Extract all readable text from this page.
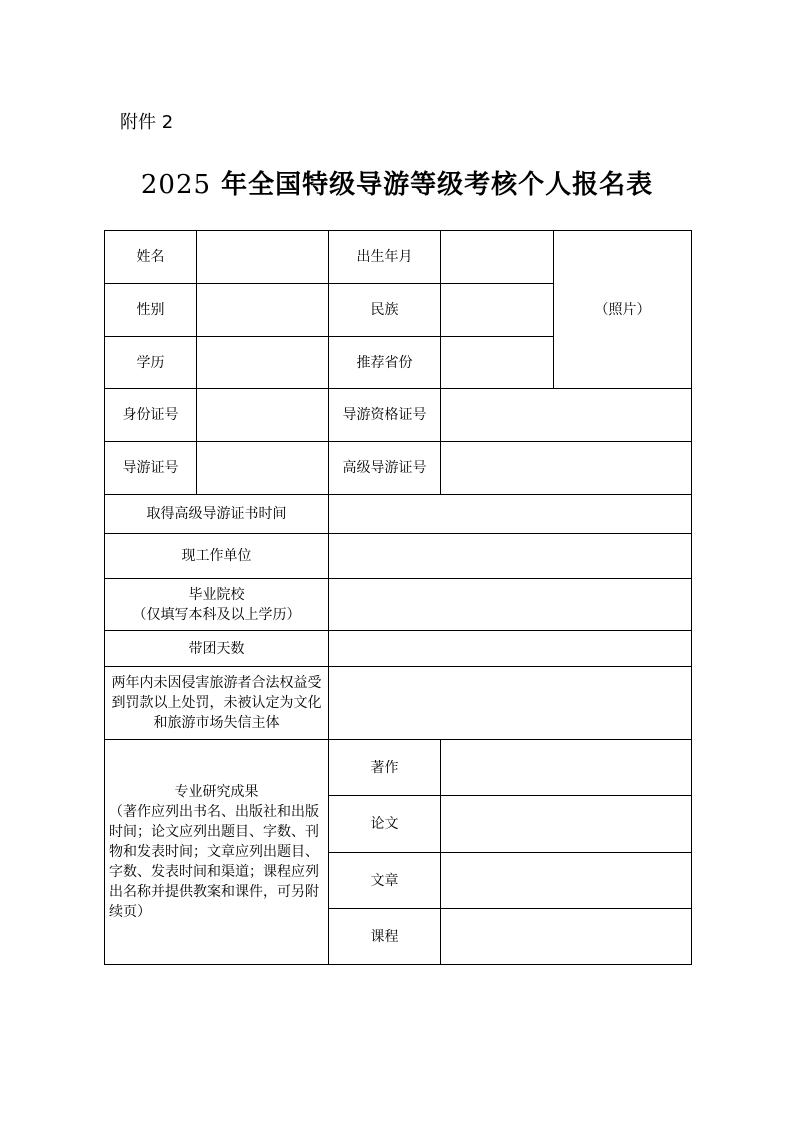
附件 2
2025 年全国特级导游等级考核个人报名表
姓名		出生年月		（照片）
性别		民族		
学历		推荐省份		
身份证号		导游资格证号		
导游证号		高级导游证号		
取得高级导游证书时间				
现工作单位				

毕业院校
（仅填写本科及以上学历）				

带团天数				
两年内未因侵害旅游者合法权益受到罚款以上处罚，未被认定为文化和旅游市场失信主体				

专业研究成果
（著作应列出书名、出版社和出版时间；论文应列出题目、字数、刊物和发表时间；文章应列出题目、字数、发表时间和渠道；课程应列出名称并提供教案和课件，可另附续页）		著作		
		论文		
		文章		
		课程		
